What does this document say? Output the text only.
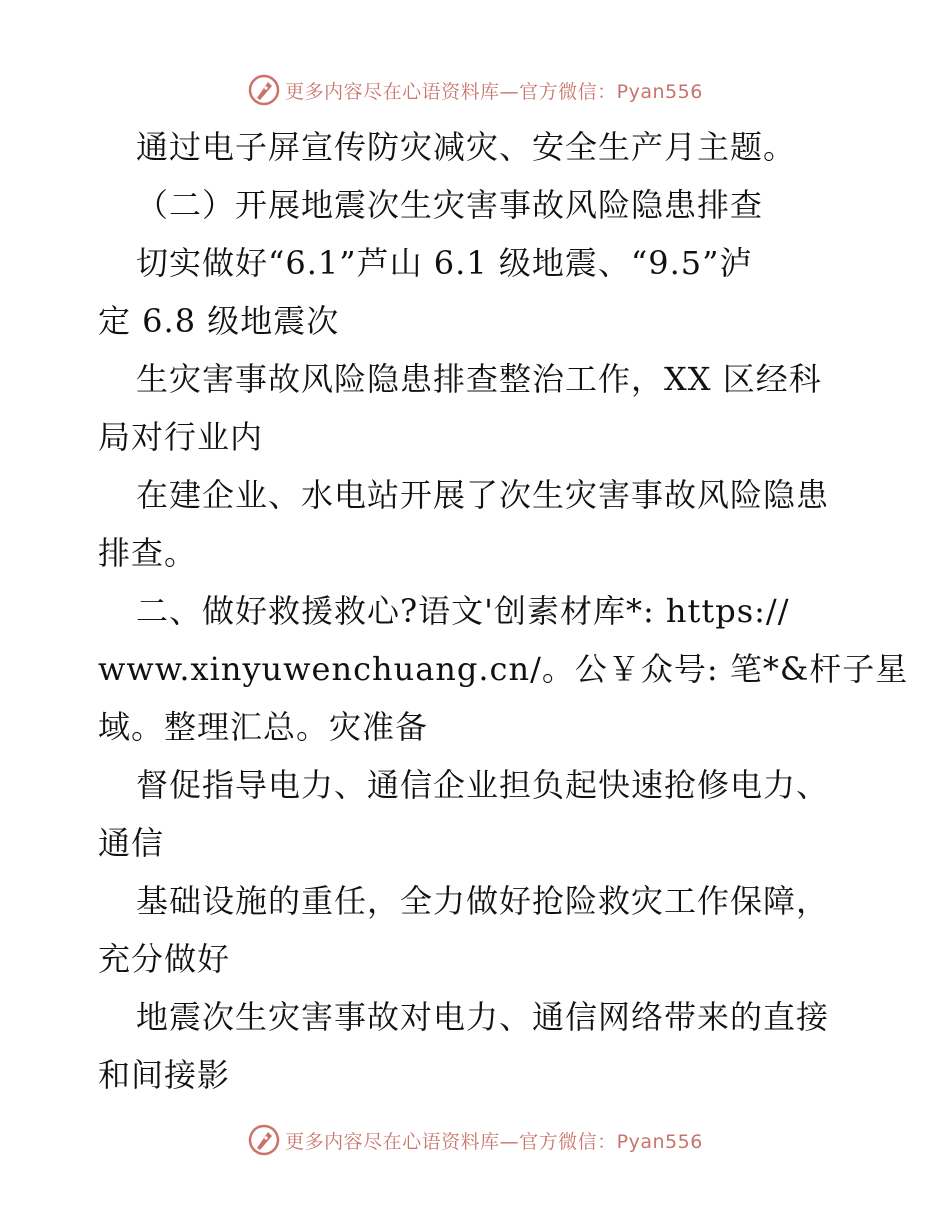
更多内容尽在心语资料库—官方微信：Pyan556
通过电子屏宣传防灾减灾、安全生产月主题。
（二）开展地震次生灾害事故风险隐患排查
切实做好“6.1”芦山 6.1 级地震、“9.5”泸
定 6.8 级地震次
生灾害事故风险隐患排查整治工作，XX 区经科
局对行业内
在建企业、水电站开展了次生灾害事故风险隐患
排查。
二、做好救援救心?语文'创素材库*: https://
www.xinyuwenchuang.cn/。公￥众号: 笔*&杆子星
域。整理汇总。灾准备
督促指导电力、通信企业担负起快速抢修电力、
通信
基础设施的重任，全力做好抢险救灾工作保障，
充分做好
地震次生灾害事故对电力、通信网络带来的直接
和间接影
更多内容尽在心语资料库—官方微信：Pyan556
